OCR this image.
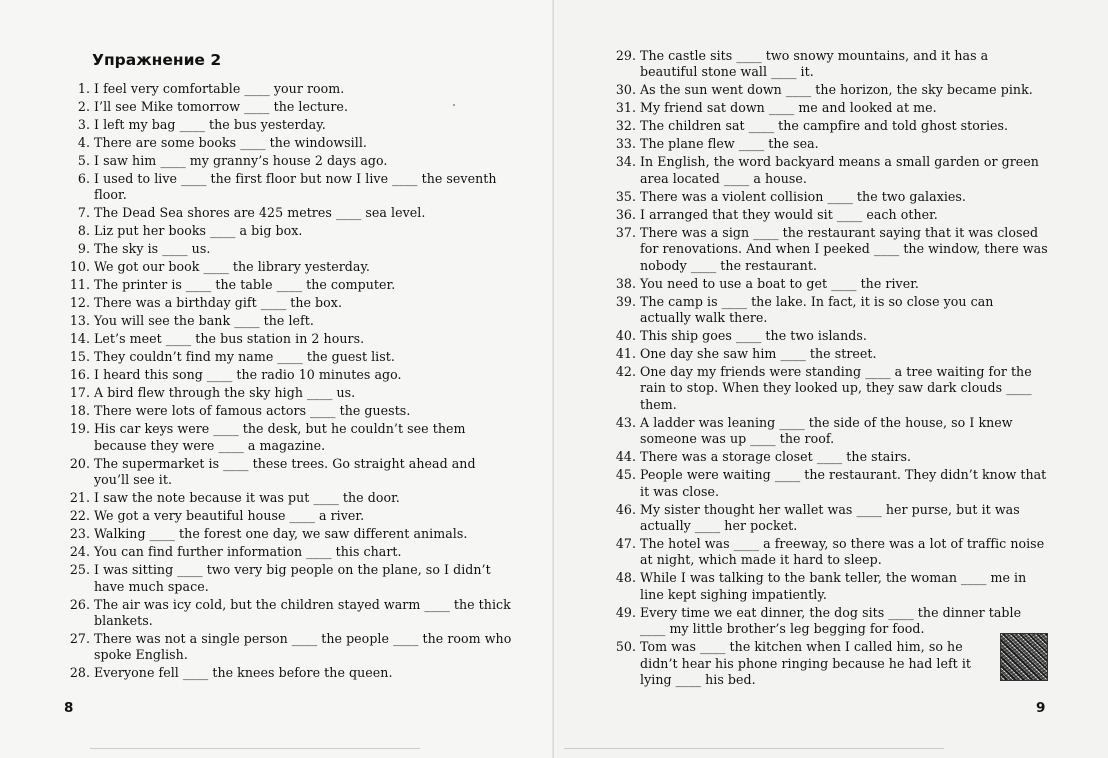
Упражнение 2
1. I feel very comfortable ____ your room.
2. I’ll see Mike tomorrow ____ the lecture.
3. I left my bag ____ the bus yesterday.
4. There are some books ____ the windowsill.
5. I saw him ____ my granny’s house 2 days ago.
6. I used to live ____ the first floor but now I live ____ the seventh floor.
7. The Dead Sea shores are 425 metres ____ sea level.
8. Liz put her books ____ a big box.
9. The sky is ____ us.
10. We got our book ____ the library yesterday.
11. The printer is ____ the table ____ the computer.
12. There was a birthday gift ____ the box.
13. You will see the bank ____ the left.
14. Let’s meet ____ the bus station in 2 hours.
15. They couldn’t find my name ____ the guest list.
16. I heard this song ____ the radio 10 minutes ago.
17. A bird flew through the sky high ____ us.
18. There were lots of famous actors ____ the guests.
19. His car keys were ____ the desk, but he couldn’t see them because they were ____ a magazine.
20. The supermarket is ____ these trees. Go straight ahead and you’ll see it.
21. I saw the note because it was put ____ the door.
22. We got a very beautiful house ____ a river.
23. Walking ____ the forest one day, we saw different animals.
24. You can find further information ____ this chart.
25. I was sitting ____ two very big people on the plane, so I didn’t have much space.
26. The air was icy cold, but the children stayed warm ____ the thick blankets.
27. There was not a single person ____ the people ____ the room who spoke English.
28. Everyone fell ____ the knees before the queen.
8
29. The castle sits ____ two snowy mountains, and it has a beautiful stone wall ____ it.
30. As the sun went down ____ the horizon, the sky became pink.
31. My friend sat down ____ me and looked at me.
32. The children sat ____ the campfire and told ghost stories.
33. The plane flew ____ the sea.
34. In English, the word backyard means a small garden or green area located ____ a house.
35. There was a violent collision ____ the two galaxies.
36. I arranged that they would sit ____ each other.
37. There was a sign ____ the restaurant saying that it was closed for renovations. And when I peeked ____ the window, there was nobody ____ the restaurant.
38. You need to use a boat to get ____ the river.
39. The camp is ____ the lake. In fact, it is so close you can actually walk there.
40. This ship goes ____ the two islands.
41. One day she saw him ____ the street.
42. One day my friends were standing ____ a tree waiting for the rain to stop. When they looked up, they saw dark clouds ____ them.
43. A ladder was leaning ____ the side of the house, so I knew someone was up ____ the roof.
44. There was a storage closet ____ the stairs.
45. People were waiting ____ the restaurant. They didn’t know that it was close.
46. My sister thought her wallet was ____ her purse, but it was actually ____ her pocket.
47. The hotel was ____ a freeway, so there was a lot of traffic noise at night, which made it hard to sleep.
48. While I was talking to the bank teller, the woman ____ me in line kept sighing impatiently.
49. Every time we eat dinner, the dog sits ____ the dinner table ____ my little brother’s leg begging for food.
50. Tom was ____ the kitchen when I called him, so he didn’t hear his phone ringing because he had left it lying ____ his bed.
9
